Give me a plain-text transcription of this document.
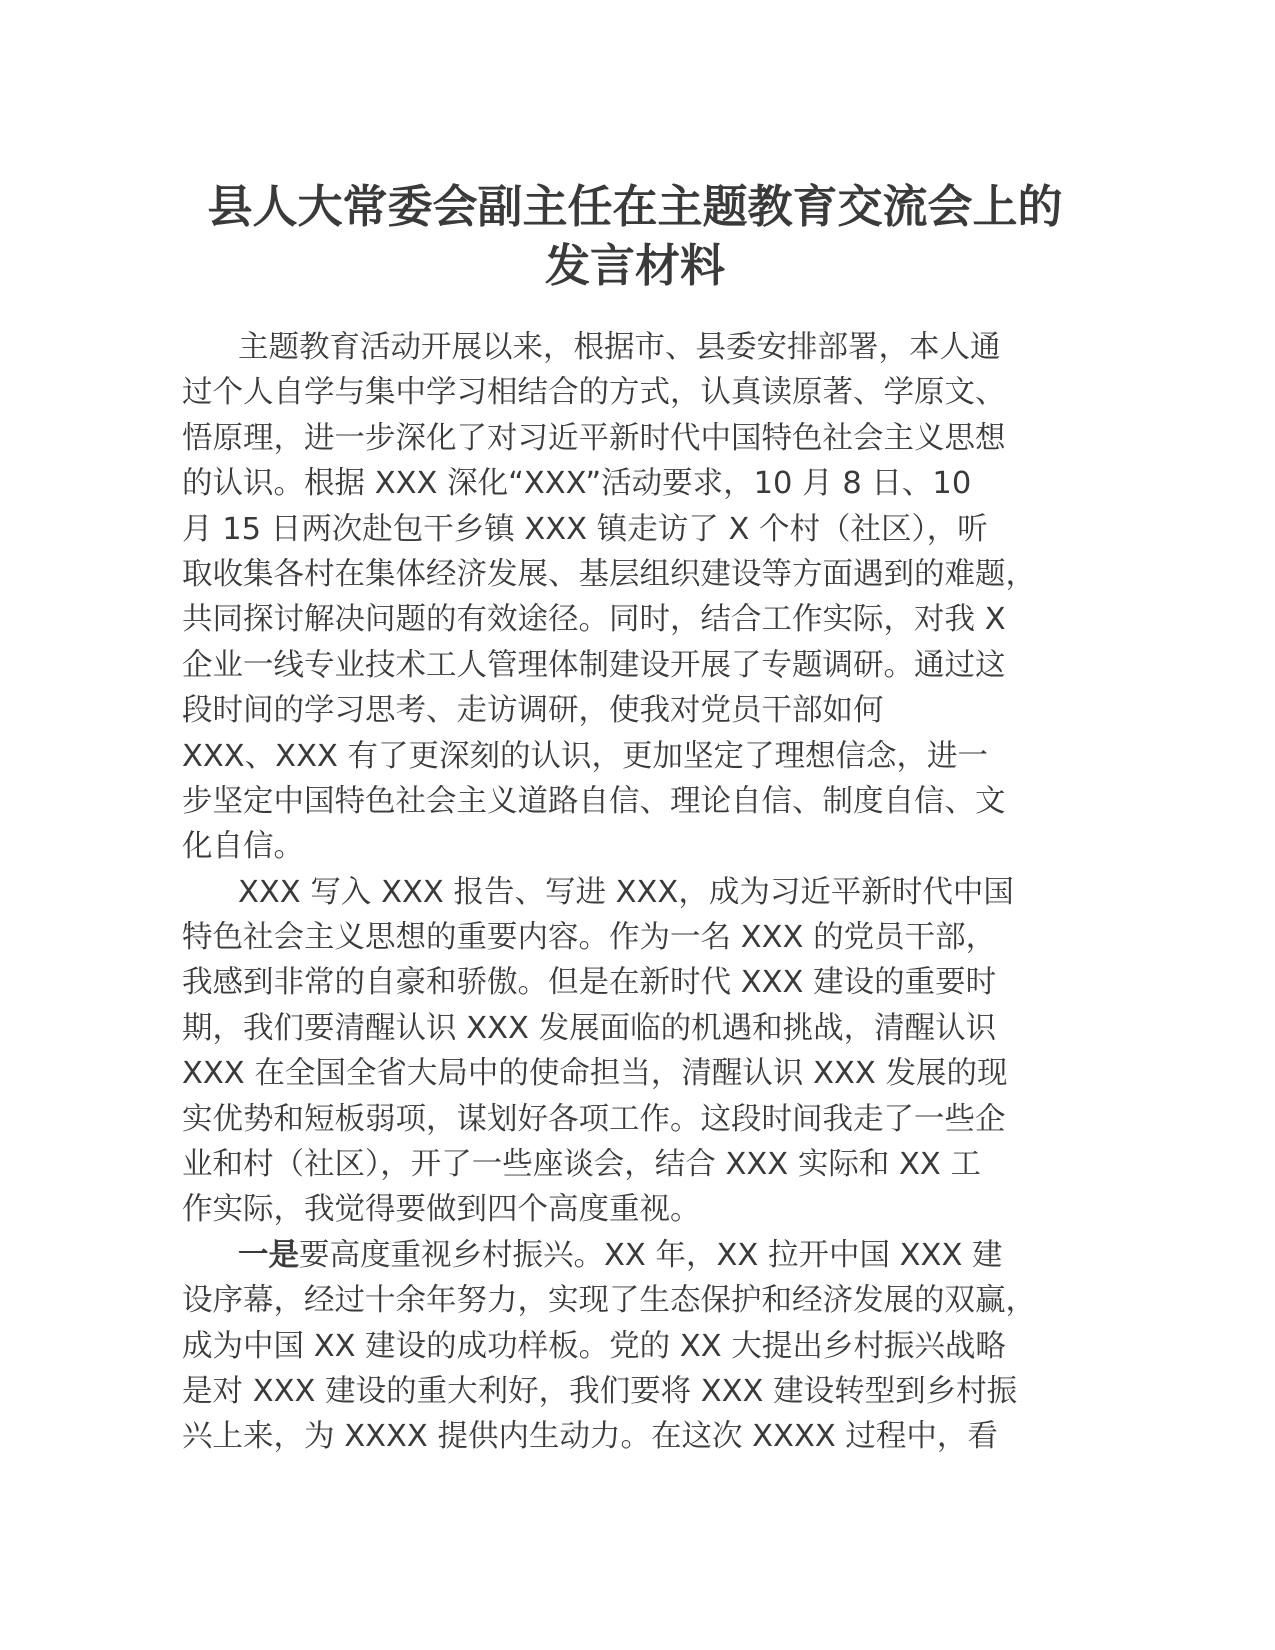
县人大常委会副主任在主题教育交流会上的
发言材料
主题教育活动开展以来，根据市、县委安排部署，本人通
过个人自学与集中学习相结合的方式，认真读原著、学原文、
悟原理，进一步深化了对习近平新时代中国特色社会主义思想
的认识。根据 XXX 深化“XXX”活动要求，10 月 8 日、10
月 15 日两次赴包干乡镇 XXX 镇走访了 X 个村（社区），听
取收集各村在集体经济发展、基层组织建设等方面遇到的难题，
共同探讨解决问题的有效途径。同时，结合工作实际，对我 X
企业一线专业技术工人管理体制建设开展了专题调研。通过这
段时间的学习思考、走访调研，使我对党员干部如何
XXX、XXX 有了更深刻的认识，更加坚定了理想信念，进一
步坚定中国特色社会主义道路自信、理论自信、制度自信、文
化自信。
XXX 写入 XXX 报告、写进 XXX，成为习近平新时代中国
特色社会主义思想的重要内容。作为一名 XXX 的党员干部，
我感到非常的自豪和骄傲。但是在新时代 XXX 建设的重要时
期，我们要清醒认识 XXX 发展面临的机遇和挑战，清醒认识
XXX 在全国全省大局中的使命担当，清醒认识 XXX 发展的现
实优势和短板弱项，谋划好各项工作。这段时间我走了一些企
业和村（社区），开了一些座谈会，结合 XXX 实际和 XX 工
作实际，我觉得要做到四个高度重视。
一是要高度重视乡村振兴。XX 年，XX 拉开中国 XXX 建
设序幕，经过十余年努力，实现了生态保护和经济发展的双赢，
成为中国 XX 建设的成功样板。党的 XX 大提出乡村振兴战略
是对 XXX 建设的重大利好，我们要将 XXX 建设转型到乡村振
兴上来，为 XXXX 提供内生动力。在这次 XXXX 过程中，看
